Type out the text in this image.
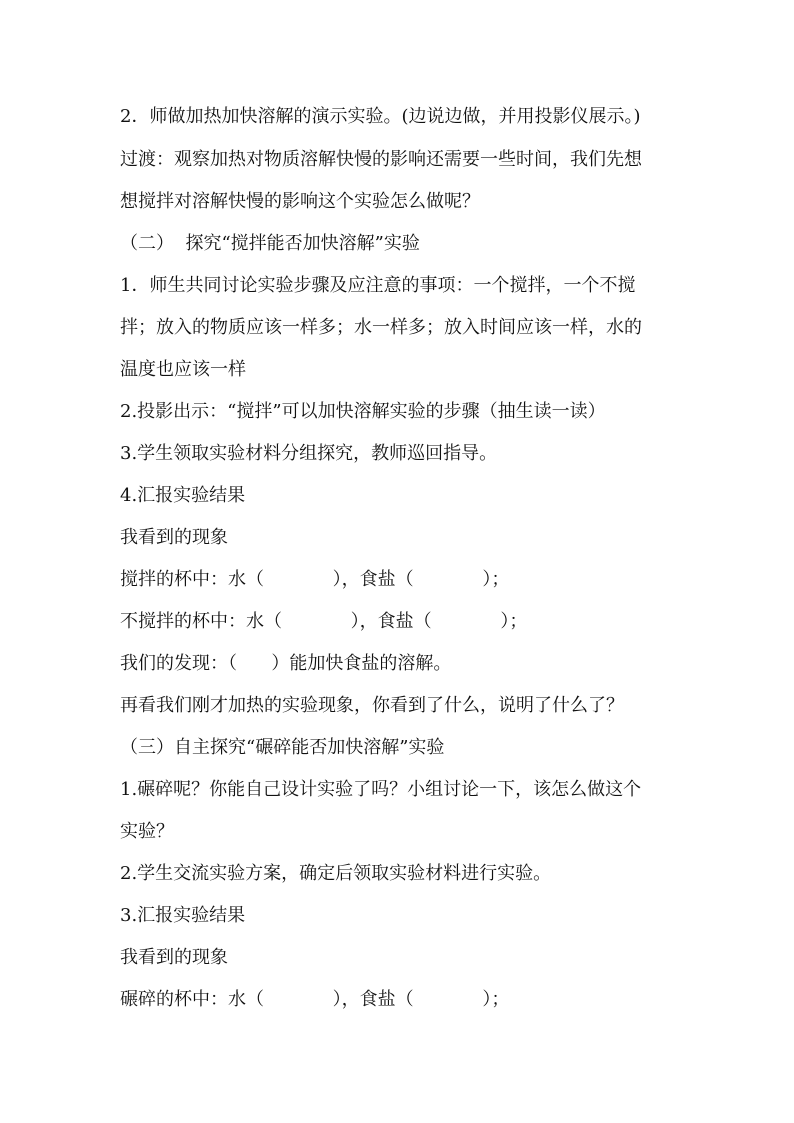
2．师做加热加快溶解的演示实验。(边说边做，并用投影仪展示。)
过渡：观察加热对物质溶解快慢的影响还需要一些时间，我们先想
想搅拌对溶解快慢的影响这个实验怎么做呢？
（二）  探究“搅拌能否加快溶解”实验
1．师生共同讨论实验步骤及应注意的事项：一个搅拌，一个不搅
拌；放入的物质应该一样多；水一样多；放入时间应该一样，水的
温度也应该一样
2.投影出示：“搅拌”可以加快溶解实验的步骤（抽生读一读）
3.学生领取实验材料分组探究，教师巡回指导。
4.汇报实验结果
我看到的现象
搅拌的杯中：水（            ），食盐（            ）；
不搅拌的杯中：水（            ），食盐（            ）；
我们的发现：（      ）能加快食盐的溶解。
再看我们刚才加热的实验现象，你看到了什么，说明了什么了？
（三）自主探究“碾碎能否加快溶解”实验
1.碾碎呢？你能自己设计实验了吗？小组讨论一下，该怎么做这个
实验？
2.学生交流实验方案，确定后领取实验材料进行实验。
3.汇报实验结果
我看到的现象
碾碎的杯中：水（            ），食盐（            ）；
